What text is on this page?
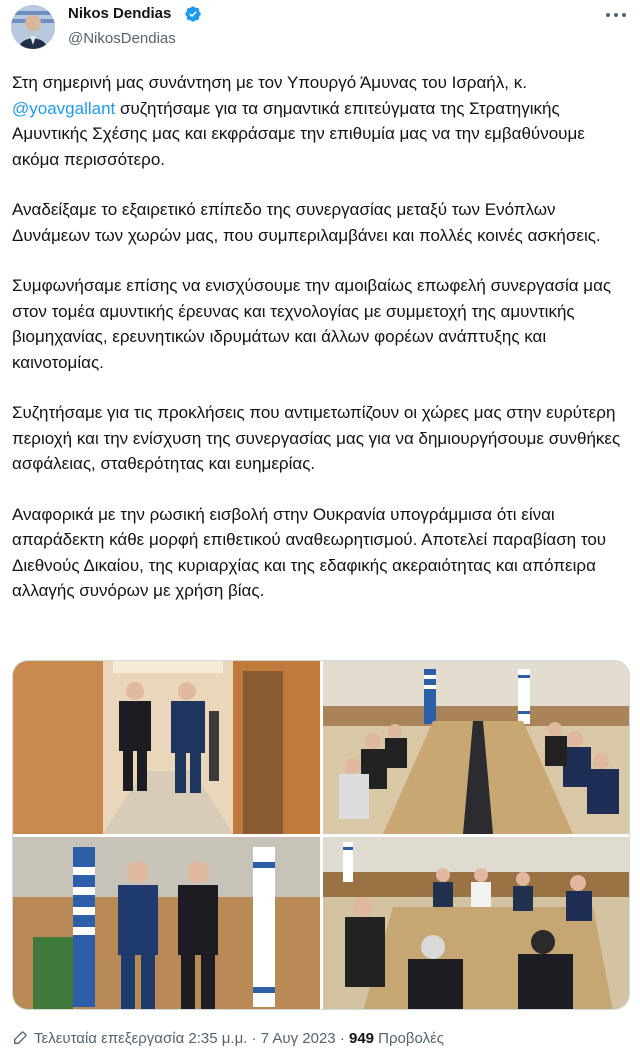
Nikos Dendias
@NikosDendias

Στη σημερινή μας συνάντηση με τον Υπουργό Άμυνας του Ισραήλ, κ. @yoavgallant συζητήσαμε για τα σημαντικά επιτεύγματα της Στρατηγικής Αμυντικής Σχέσης μας και εκφράσαμε την επιθυμία μας να την εμβαθύνουμε ακόμα περισσότερο.

Αναδείξαμε το εξαιρετικό επίπεδο της συνεργασίας μεταξύ των Ενόπλων Δυνάμεων των χωρών μας, που συμπεριλαμβάνει και πολλές κοινές ασκήσεις.

Συμφωνήσαμε επίσης να ενισχύσουμε την αμοιβαίως επωφελή συνεργασία μας στον τομέα αμυντικής έρευνας και τεχνολογίας με συμμετοχή της αμυντικής βιομηχανίας, ερευνητικών ιδρυμάτων και άλλων φορέων ανάπτυξης και καινοτομίας.

Συζητήσαμε για τις προκλήσεις που αντιμετωπίζουν οι χώρες μας στην ευρύτερη περιοχή και την ενίσχυση της συνεργασίας μας για να δημιουργήσουμε συνθήκες ασφάλειας, σταθερότητας και ευημερίας.

Αναφορικά με την ρωσική εισβολή στην Ουκρανία υπογράμμισα ότι είναι απαράδεκτη κάθε μορφή επιθετικού αναθεωρητισμού. Αποτελεί παραβίαση του Διεθνούς Δικαίου, της κυριαρχίας και της εδαφικής ακεραιότητας και απόπειρα αλλαγής συνόρων με χρήση βίας.

Τελευταία επεξεργασία 2:35 μ.μ. · 7 Αυγ 2023 · 949 Προβολές
